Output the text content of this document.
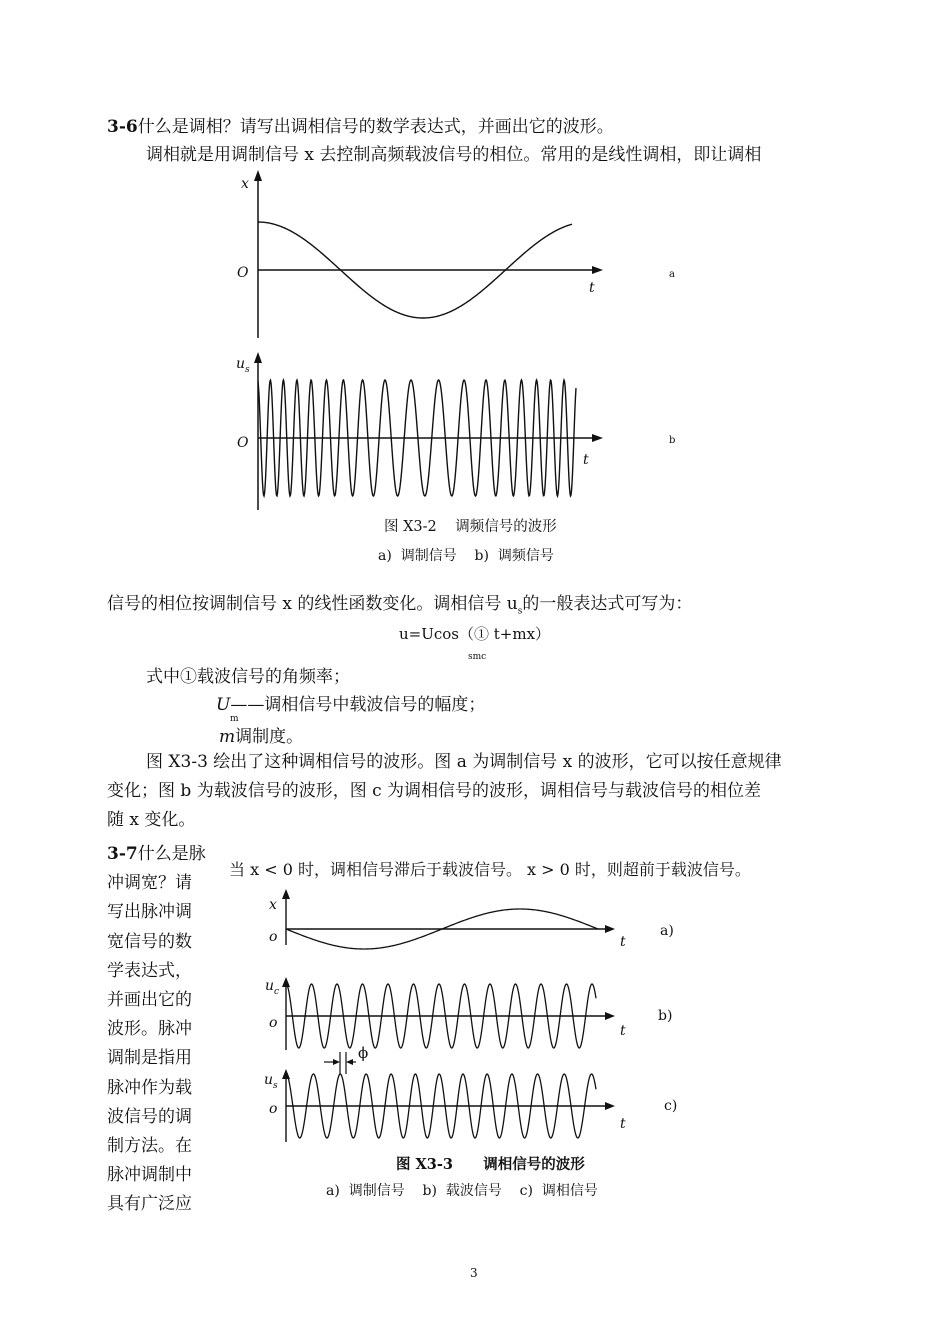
3-6什么是调相？请写出调相信号的数学表达式，并画出它的波形。
调相就是用调制信号 x 去控制高频载波信号的相位。常用的是线性调相，即让调相
x
O
t
a
$u_s$
O
t
b
图 X3-2    调频信号的波形
a)  调制信号    b)  调频信号
信号的相位按调制信号 x 的线性函数变化。调相信号 $u_s$的一般表达式可写为：
u=Ucos（① t+mx）
smc
式中①载波信号的角频率；
U——调相信号中载波信号的幅度；
m
m调制度。
图 X3-3 绘出了这种调相信号的波形。图 a 为调制信号 x 的波形，它可以按任意规律
变化；图 b 为载波信号的波形，图 c 为调相信号的波形，调相信号与载波信号的相位差
随 x 变化。
3-7什么是脉
冲调宽？请
写出脉冲调
宽信号的数
学表达式，
并画出它的
波形。脉冲
调制是指用
脉冲作为载
波信号的调
制方法。在
脉冲调制中
具有广泛应
当 x < 0 时，调相信号滞后于载波信号。 x > 0 时，则超前于载波信号。
x
o	t
a)
$u_c$
o	t
b)
ϕ
$u_s$
o
t
c)
图 X3-3      调相信号的波形
a)  调制信号    b)  载波信号    c)  调相信号
3
